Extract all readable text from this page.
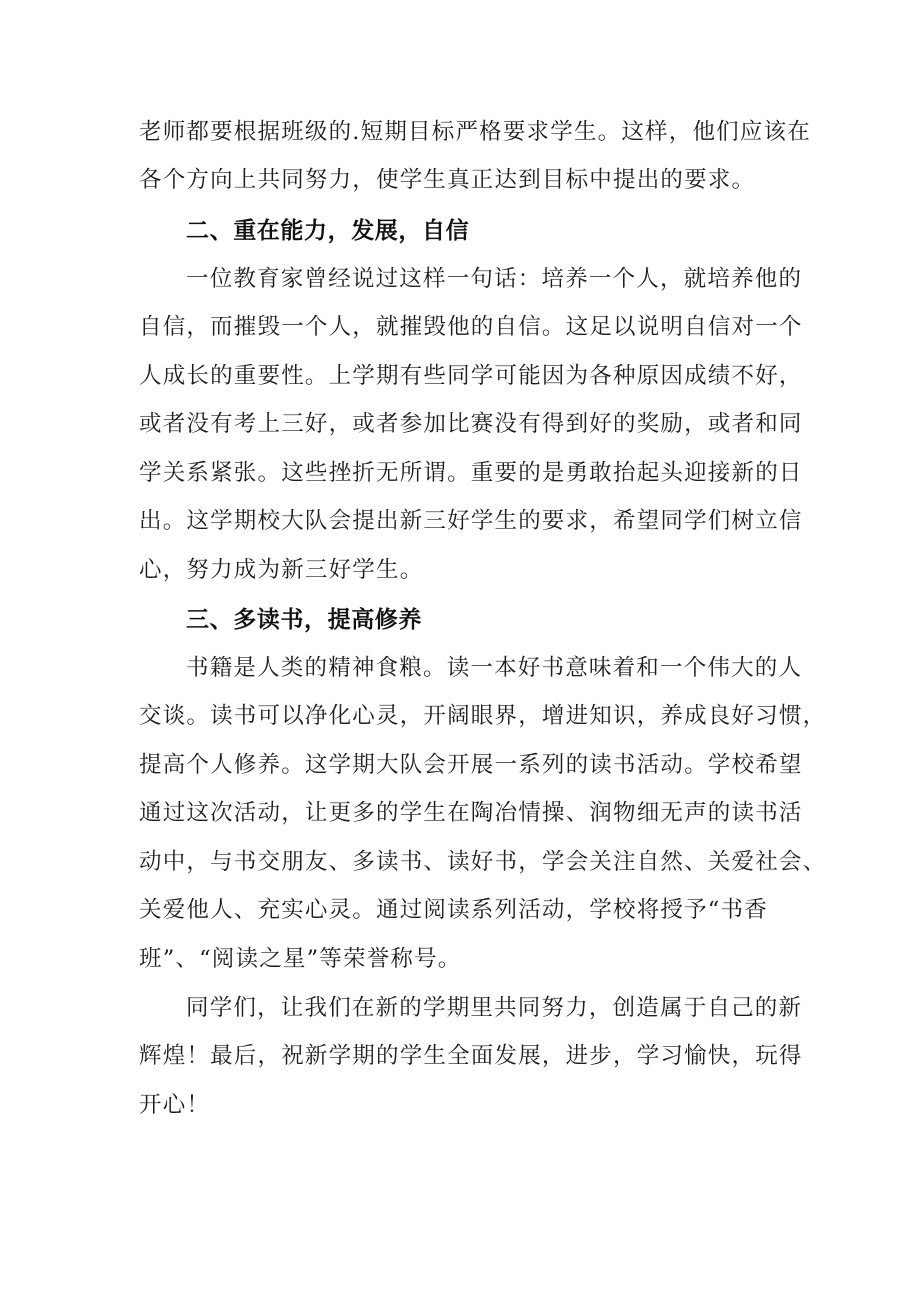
老师都要根据班级的.短期目标严格要求学生。这样，他们应该在
各个方向上共同努力，使学生真正达到目标中提出的要求。
二、重在能力，发展，自信
一位教育家曾经说过这样一句话：培养一个人，就培养他的
自信，而摧毁一个人，就摧毁他的自信。这足以说明自信对一个
人成长的重要性。上学期有些同学可能因为各种原因成绩不好，
或者没有考上三好，或者参加比赛没有得到好的奖励，或者和同
学关系紧张。这些挫折无所谓。重要的是勇敢抬起头迎接新的日
出。这学期校大队会提出新三好学生的要求，希望同学们树立信
心，努力成为新三好学生。
三、多读书，提高修养
书籍是人类的精神食粮。读一本好书意味着和一个伟大的人
交谈。读书可以净化心灵，开阔眼界，增进知识，养成良好习惯，
提高个人修养。这学期大队会开展一系列的读书活动。学校希望
通过这次活动，让更多的学生在陶冶情操、润物细无声的读书活
动中，与书交朋友、多读书、读好书，学会关注自然、关爱社会、
关爱他人、充实心灵。通过阅读系列活动，学校将授予“书香
班”、“阅读之星”等荣誉称号。
同学们，让我们在新的学期里共同努力，创造属于自己的新
辉煌！最后，祝新学期的学生全面发展，进步，学习愉快，玩得
开心！
